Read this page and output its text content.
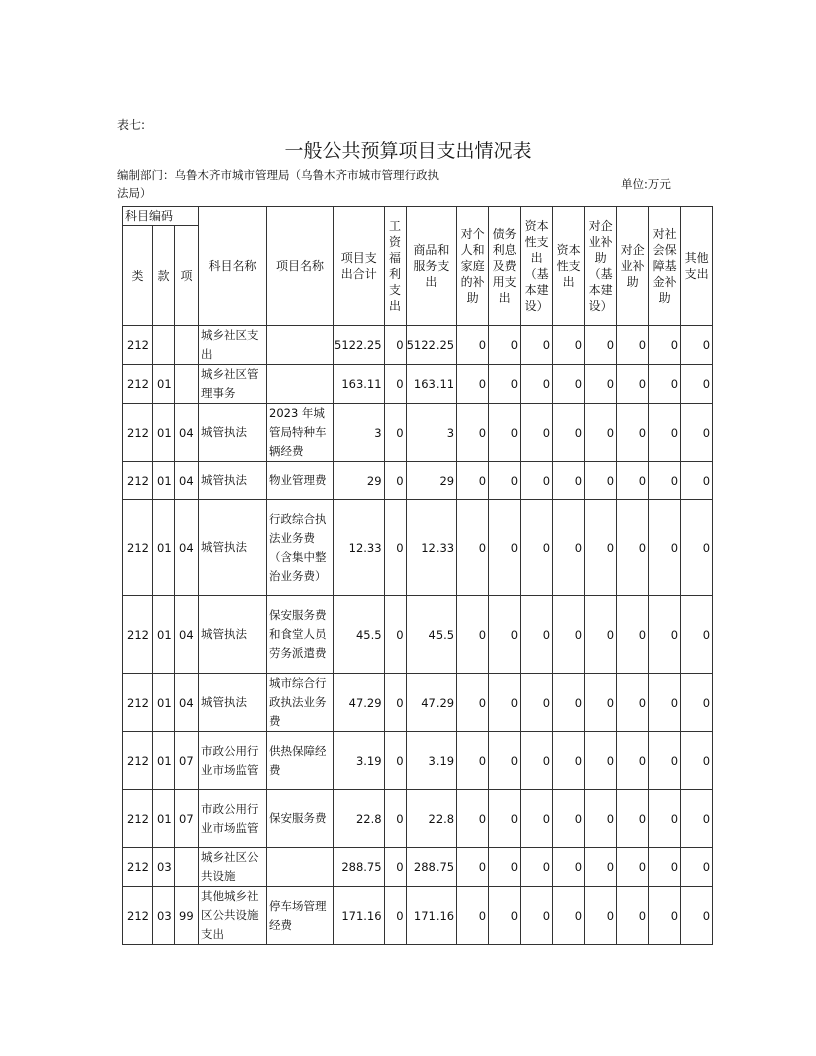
表七:
一般公共预算项目支出情况表
编制部门：乌鲁木齐市城市管理局（乌鲁木齐市城市管理行政执法局）
单位:万元
科目编码			科目名称	项目名称	项目支出合计	工资福利支出	商品和服务支出	对个人和家庭的补助	债务利息及费用支出	资本性支出（基本建设）	资本性支出	对企业补助（基本建设）	对企业补助	对社会保障基金补助	其他支出
类	款	项													
212			城乡社区支出		5122.25	0	5122.25	0	0	0	0	0	0	0	0
212	01		城乡社区管理事务		163.11	0	163.11	0	0	0	0	0	0	0	0
212	01	04	城管执法	2023 年城管局特种车辆经费	3	0	3	0	0	0	0	0	0	0	0
212	01	04	城管执法	物业管理费	29	0	29	0	0	0	0	0	0	0	0
212	01	04	城管执法	行政综合执法业务费（含集中整治业务费）	12.33	0	12.33	0	0	0	0	0	0	0	0
212	01	04	城管执法	保安服务费和食堂人员劳务派遣费	45.5	0	45.5	0	0	0	0	0	0	0	0
212	01	04	城管执法	城市综合行政执法业务费	47.29	0	47.29	0	0	0	0	0	0	0	0
212	01	07	市政公用行业市场监管	供热保障经费	3.19	0	3.19	0	0	0	0	0	0	0	0
212	01	07	市政公用行业市场监管	保安服务费	22.8	0	22.8	0	0	0	0	0	0	0	0
212	03		城乡社区公共设施		288.75	0	288.75	0	0	0	0	0	0	0	0
212	03	99	其他城乡社区公共设施支出	停车场管理经费	171.16	0	171.16	0	0	0	0	0	0	0	0
